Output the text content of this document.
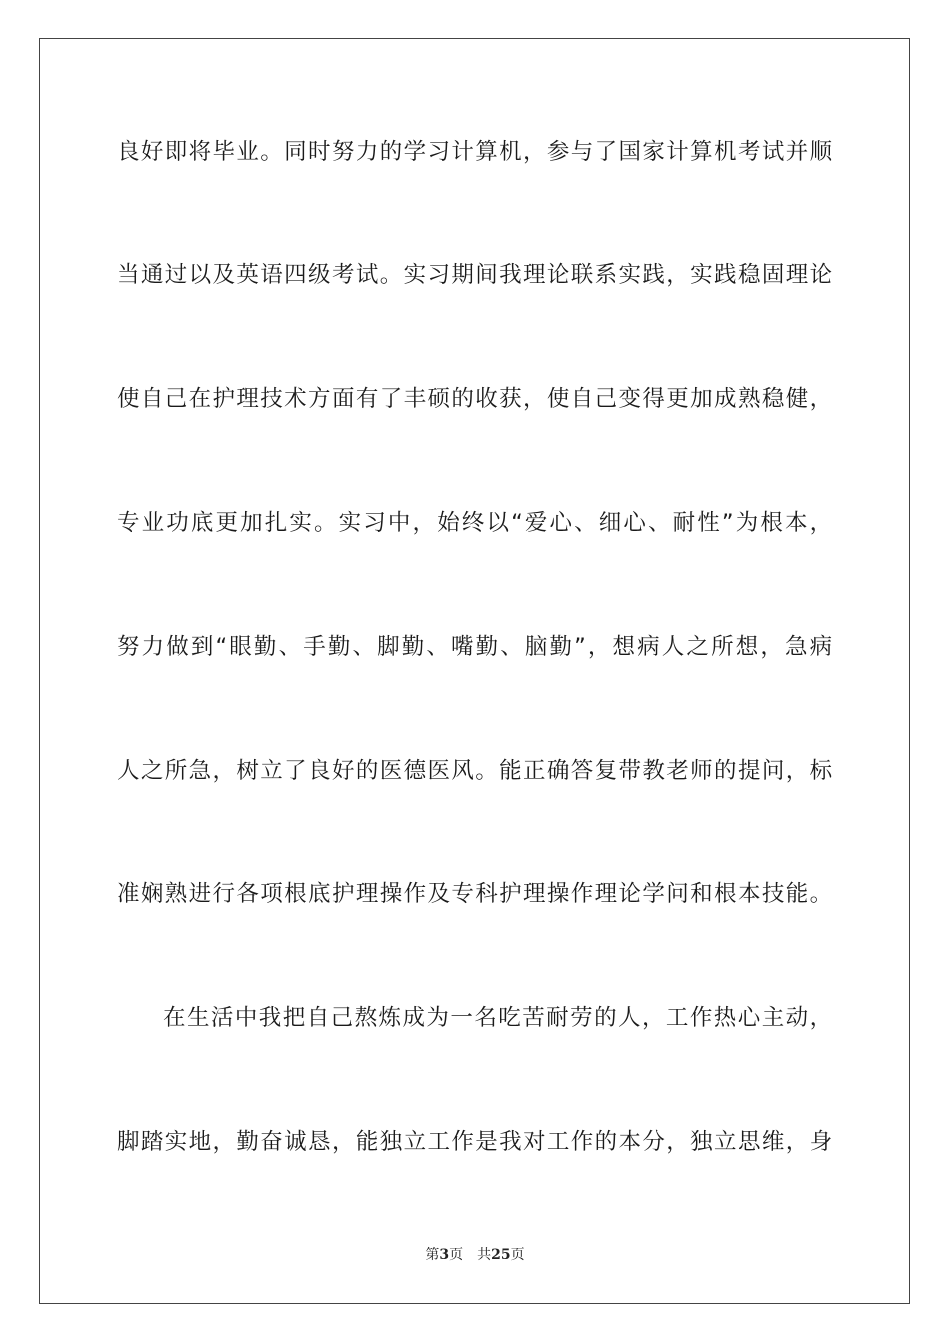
良好即将毕业。同时努力的学习计算机，参与了国家计算机考试并顺
当通过以及英语四级考试。实习期间我理论联系实践，实践稳固理论
使自己在护理技术方面有了丰硕的收获，使自己变得更加成熟稳健，
专业功底更加扎实。实习中，始终以“爱心、细心、耐性”为根本，
努力做到“眼勤、手勤、脚勤、嘴勤、脑勤”，想病人之所想，急病
人之所急，树立了良好的医德医风。能正确答复带教老师的提问，标
准娴熟进行各项根底护理操作及专科护理操作理论学问和根本技能。
在生活中我把自己熬炼成为一名吃苦耐劳的人，工作热心主动，
脚踏实地，勤奋诚恳，能独立工作是我对工作的本分，独立思维，身
第3页 共25页
